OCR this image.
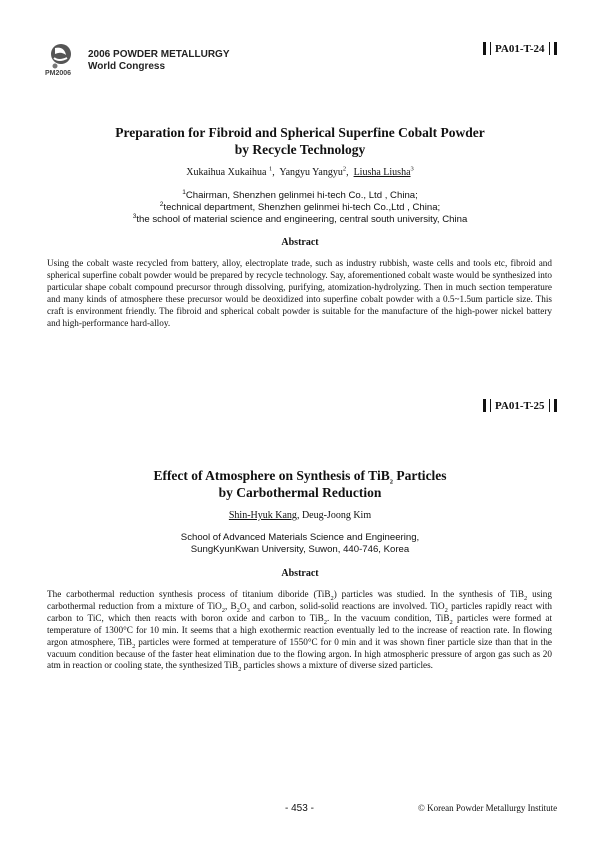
PM2006
2006 POWDER METALLURGY
World Congress
PA01-T-24
Preparation for Fibroid and Spherical Superfine Cobalt Powder
by Recycle Technology
Xukaihua Xukaihua $^1$,  Yangyu Yangyu$^2$,  Liusha Liusha$^3$
$^1$Chairman, Shenzhen gelinmei hi-tech Co., Ltd , China;
$^2$technical department, Shenzhen gelinmei hi-tech Co.,Ltd , China;
$^3$the school of material science and engineering, central south university, China
Abstract

Using the cobalt waste recycled from battery, alloy, electroplate trade, such as industry rubbish, waste cells and tools etc, fibroid and spherical superfine cobalt powder would be prepared by recycle technology. Say, aforementioned cobalt waste would be synthesized into particular shape cobalt compound precursor through dissolving, purifying, atomization-hydrolyzing. Then in much section temperature and many kinds of atmosphere these precursor would be deoxidized into superfine cobalt powder with a 0.5~1.5um particle size. This craft is environment friendly. The fibroid and spherical cobalt powder is suitable for the manufacture of the high-power nickel battery and high-performance hard-alloy.

PA01-T-25
Effect of Atmosphere on Synthesis of TiB$_2$ Particles
by Carbothermal Reduction
Shin-Hyuk Kang, Deug-Joong Kim
School of Advanced Materials Science and Engineering,
SungKyunKwan University, Suwon, 440-746, Korea
Abstract

The carbothermal reduction synthesis process of titanium diboride (TiB$_2$) particles was studied. In the synthesis of TiB$_2$ using carbothermal reduction from a mixture of TiO$_2$, $B_2O_3$ and carbon, solid-solid reactions are involved. TiO$_2$ particles rapidly react with carbon to TiC, which then reacts with boron oxide and carbon to TiB$_2$. In the vacuum condition, TiB$_2$ particles were formed at temperature of 1300°C for 10 min. It seems that a high exothermic reaction eventually led to the increase of reaction rate. In flowing argon atmosphere, TiB$_2$ particles were formed at temperature of 1550°C for 0 min and it was shown finer particle size than that in the vacuum condition because of the faster heat elimination due to the flowing argon. In high atmospheric pressure of argon gas such as 20 atm in reaction or cooling state, the synthesized TiB$_2$ particles shows a mixture of diverse sized particles.

- 453 -	© Korean Powder Metallurgy Institute
